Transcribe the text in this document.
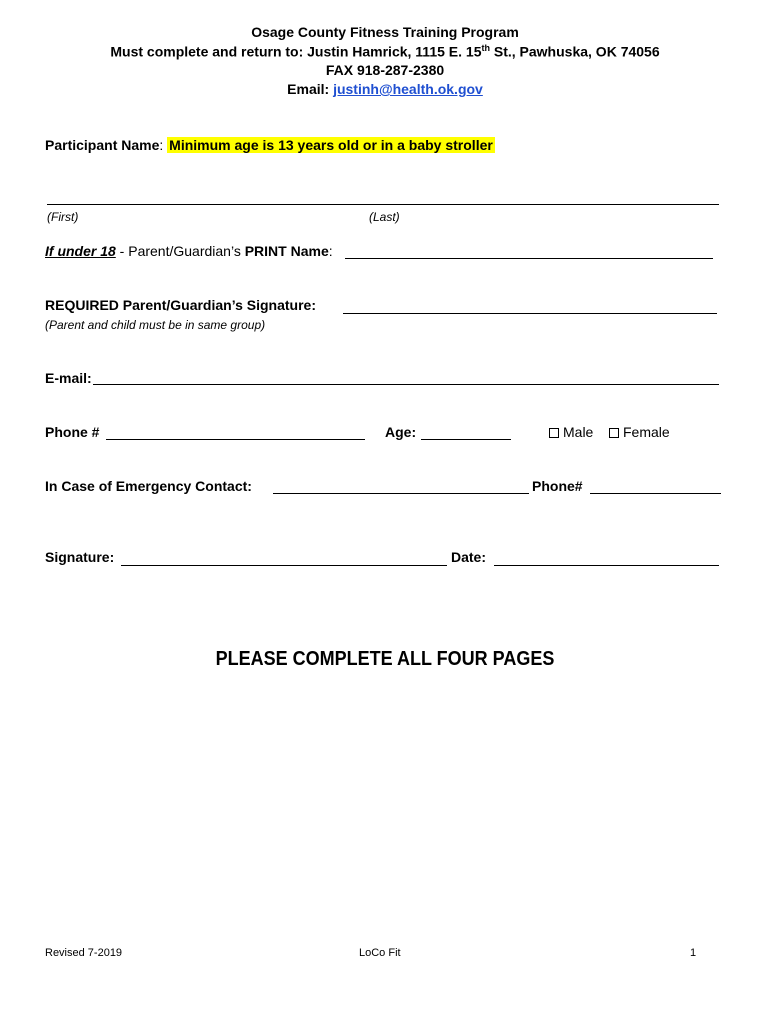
Osage County Fitness Training Program
Must complete and return to: Justin Hamrick, 1115 E. 15th St., Pawhuska, OK 74056
FAX 918-287-2380
Email: justinh@health.ok.gov
Participant Name: Minimum age is 13 years old or in a baby stroller
(First)	(Last)
If under 18 - Parent/Guardian’s PRINT Name:
REQUIRED Parent/Guardian’s Signature:
(Parent and child must be in same group)
E-mail:
Phone #	Age:	Male	Female
In Case of Emergency Contact:	Phone#
Signature:	Date:
PLEASE COMPLETE ALL FOUR PAGES
Revised 7-2019	LoCo Fit	1
